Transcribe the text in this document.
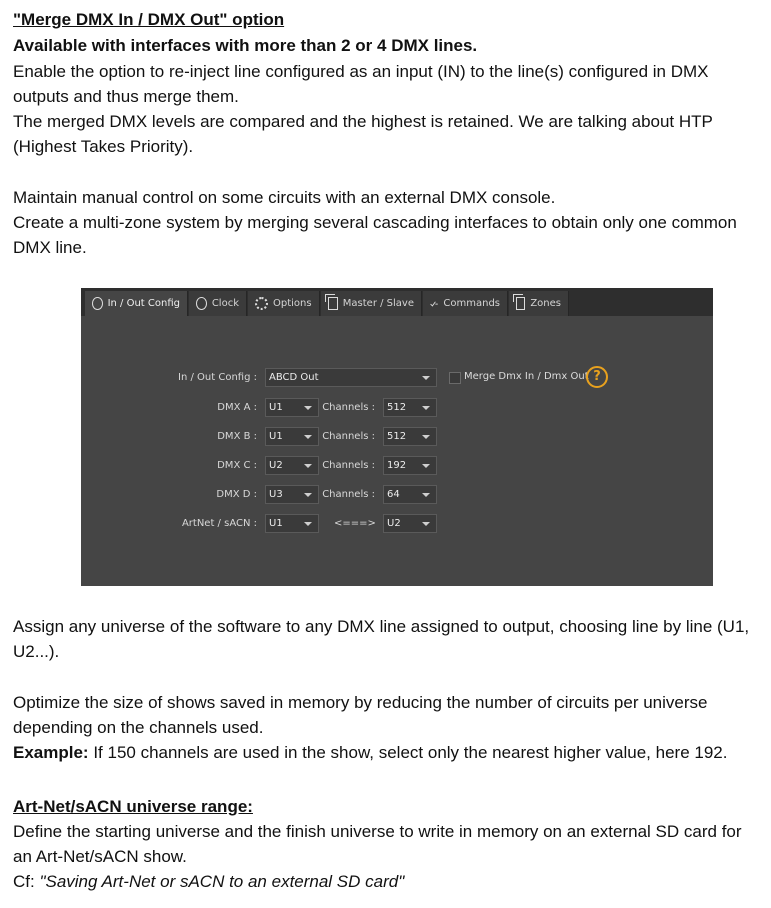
"Merge DMX In / DMX Out" option

Available with interfaces with more than 2 or 4 DMX lines.

Enable the option to re-inject line configured as an input (IN) to the line(s) configured in DMX outputs and thus merge them.

The merged DMX levels are compared and the highest is retained. We are talking about HTP (Highest Takes Priority).

Maintain manual control on some circuits with an external DMX console.

Create a multi-zone system by merging several cascading interfaces to obtain only one common DMX line.

Assign any universe of the software to any DMX line assigned to output, choosing line by line (U1, U2...).

Optimize the size of shows saved in memory by reducing the number of circuits per universe depending on the channels used.

Example: If 150 channels are used in the show, select only the nearest higher value, here 192.

Art-Net/sACN universe range:

Define the starting universe and the finish universe to write in memory on an external SD card for an Art-Net/sACN show.

Cf: "Saving Art-Net or sACN to an external SD card"

In / Out Config	Clock	Options	Master / Slave	Commands	Zones
In / Out Config :	ABCD Out	Merge Dmx In / Dmx Out ?
DMX A :	U1	Channels :	512
DMX B :	U1	Channels :	512
DMX C :	U2	Channels :	192
DMX D :	U3	Channels :	64
ArtNet / sACN :	U1	<===>	U2
